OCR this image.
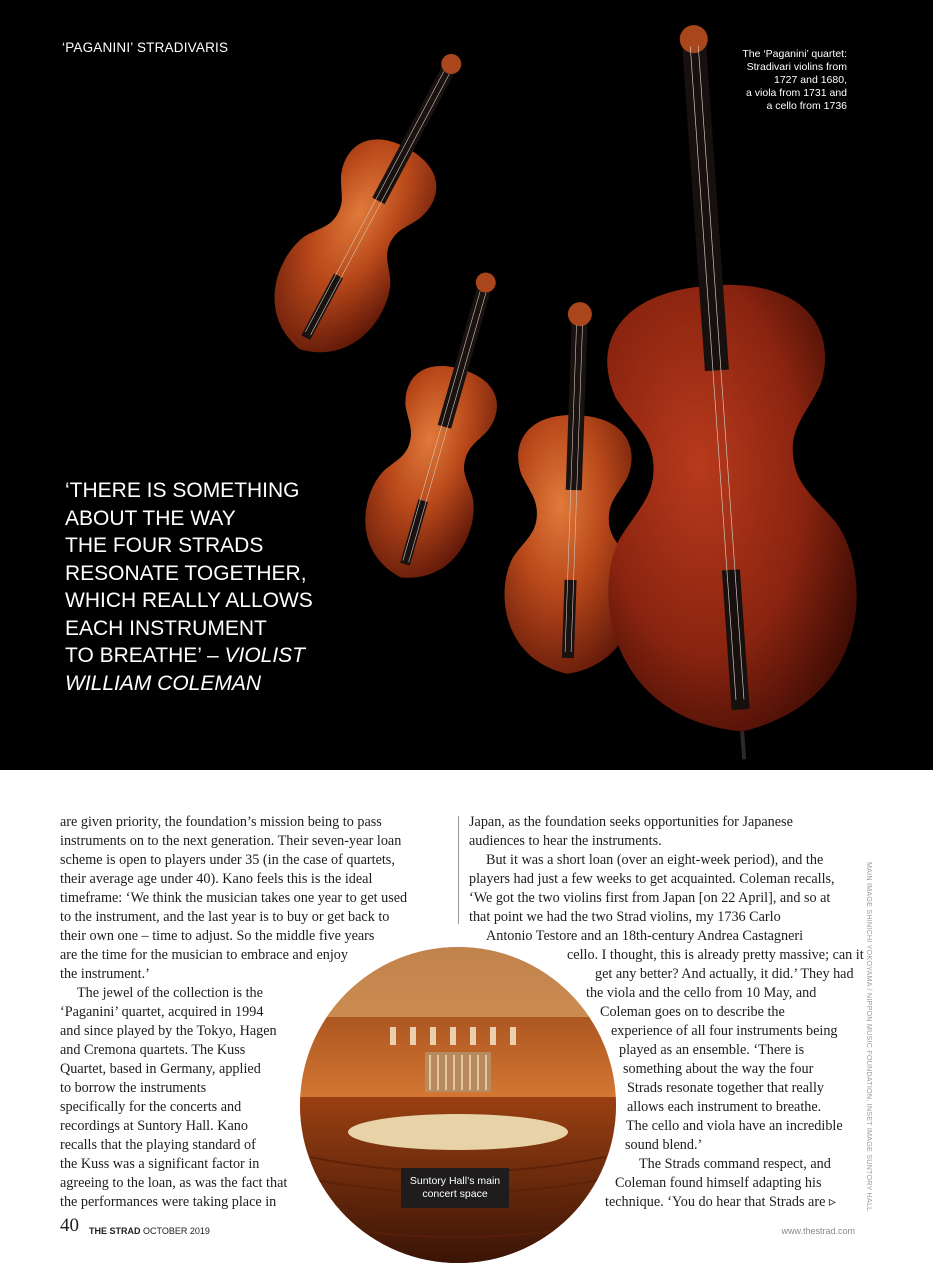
‘PAGANINI’ STRADIVARIS	The ‘Paganini’ quartet:
Stradivari violins from
1727 and 1680,
a viola from 1731 and
a cello from 1736
‘THERE IS SOMETHING
ABOUT THE WAY
THE FOUR STRADS
RESONATE TOGETHER,
WHICH REALLY ALLOWS
EACH INSTRUMENT
TO BREATHE’ – VIOLIST
WILLIAM COLEMAN

are given priority, the foundation’s mission being to pass

instruments on to the next generation. Their seven-year loan

scheme is open to players under 35 (in the case of quartets,

their average age under 40). Kano feels this is the ideal

timeframe: ‘We think the musician takes one year to get used

to the instrument, and the last year is to buy or get back to

their own one – time to adjust. So the middle five years

are the time for the musician to embrace and enjoy

the instrument.’

The jewel of the collection is the

‘Paganini’ quartet, acquired in 1994

and since played by the Tokyo, Hagen

and Cremona quartets. The Kuss

Quartet, based in Germany, applied

to borrow the instruments

specifically for the concerts and

recordings at Suntory Hall. Kano

recalls that the playing standard of

the Kuss was a significant factor in

agreeing to the loan, as was the fact that

the performances were taking place in

Japan, as the foundation seeks opportunities for Japanese

audiences to hear the instruments.

But it was a short loan (over an eight-week period), and the

players had just a few weeks to get acquainted. Coleman recalls,

‘We got the two violins first from Japan [on 22 April], and so at

that point we had the two Strad violins, my 1736 Carlo

Antonio Testore and an 18th-century Andrea Castagneri

cello. I thought, this is already pretty massive; can it

get any better? And actually, it did.’ They had

the viola and the cello from 10 May, and

Coleman goes on to describe the

experience of all four instruments being

played as an ensemble. ‘There is

something about the way the four

Strads resonate together that really

allows each instrument to breathe.

The cello and viola have an incredible

sound blend.’

The Strads command respect, and

Coleman found himself adapting his

technique. ‘You do hear that Strads are ▹

Suntory Hall’s main
concert space	MAIN IMAGE SHINICHI YOKOYAMA / NIPPON MUSIC FOUNDATION. INSET IMAGE SUNTORY HALL
40 THE STRAD OCTOBER 2019	www.thestrad.com
